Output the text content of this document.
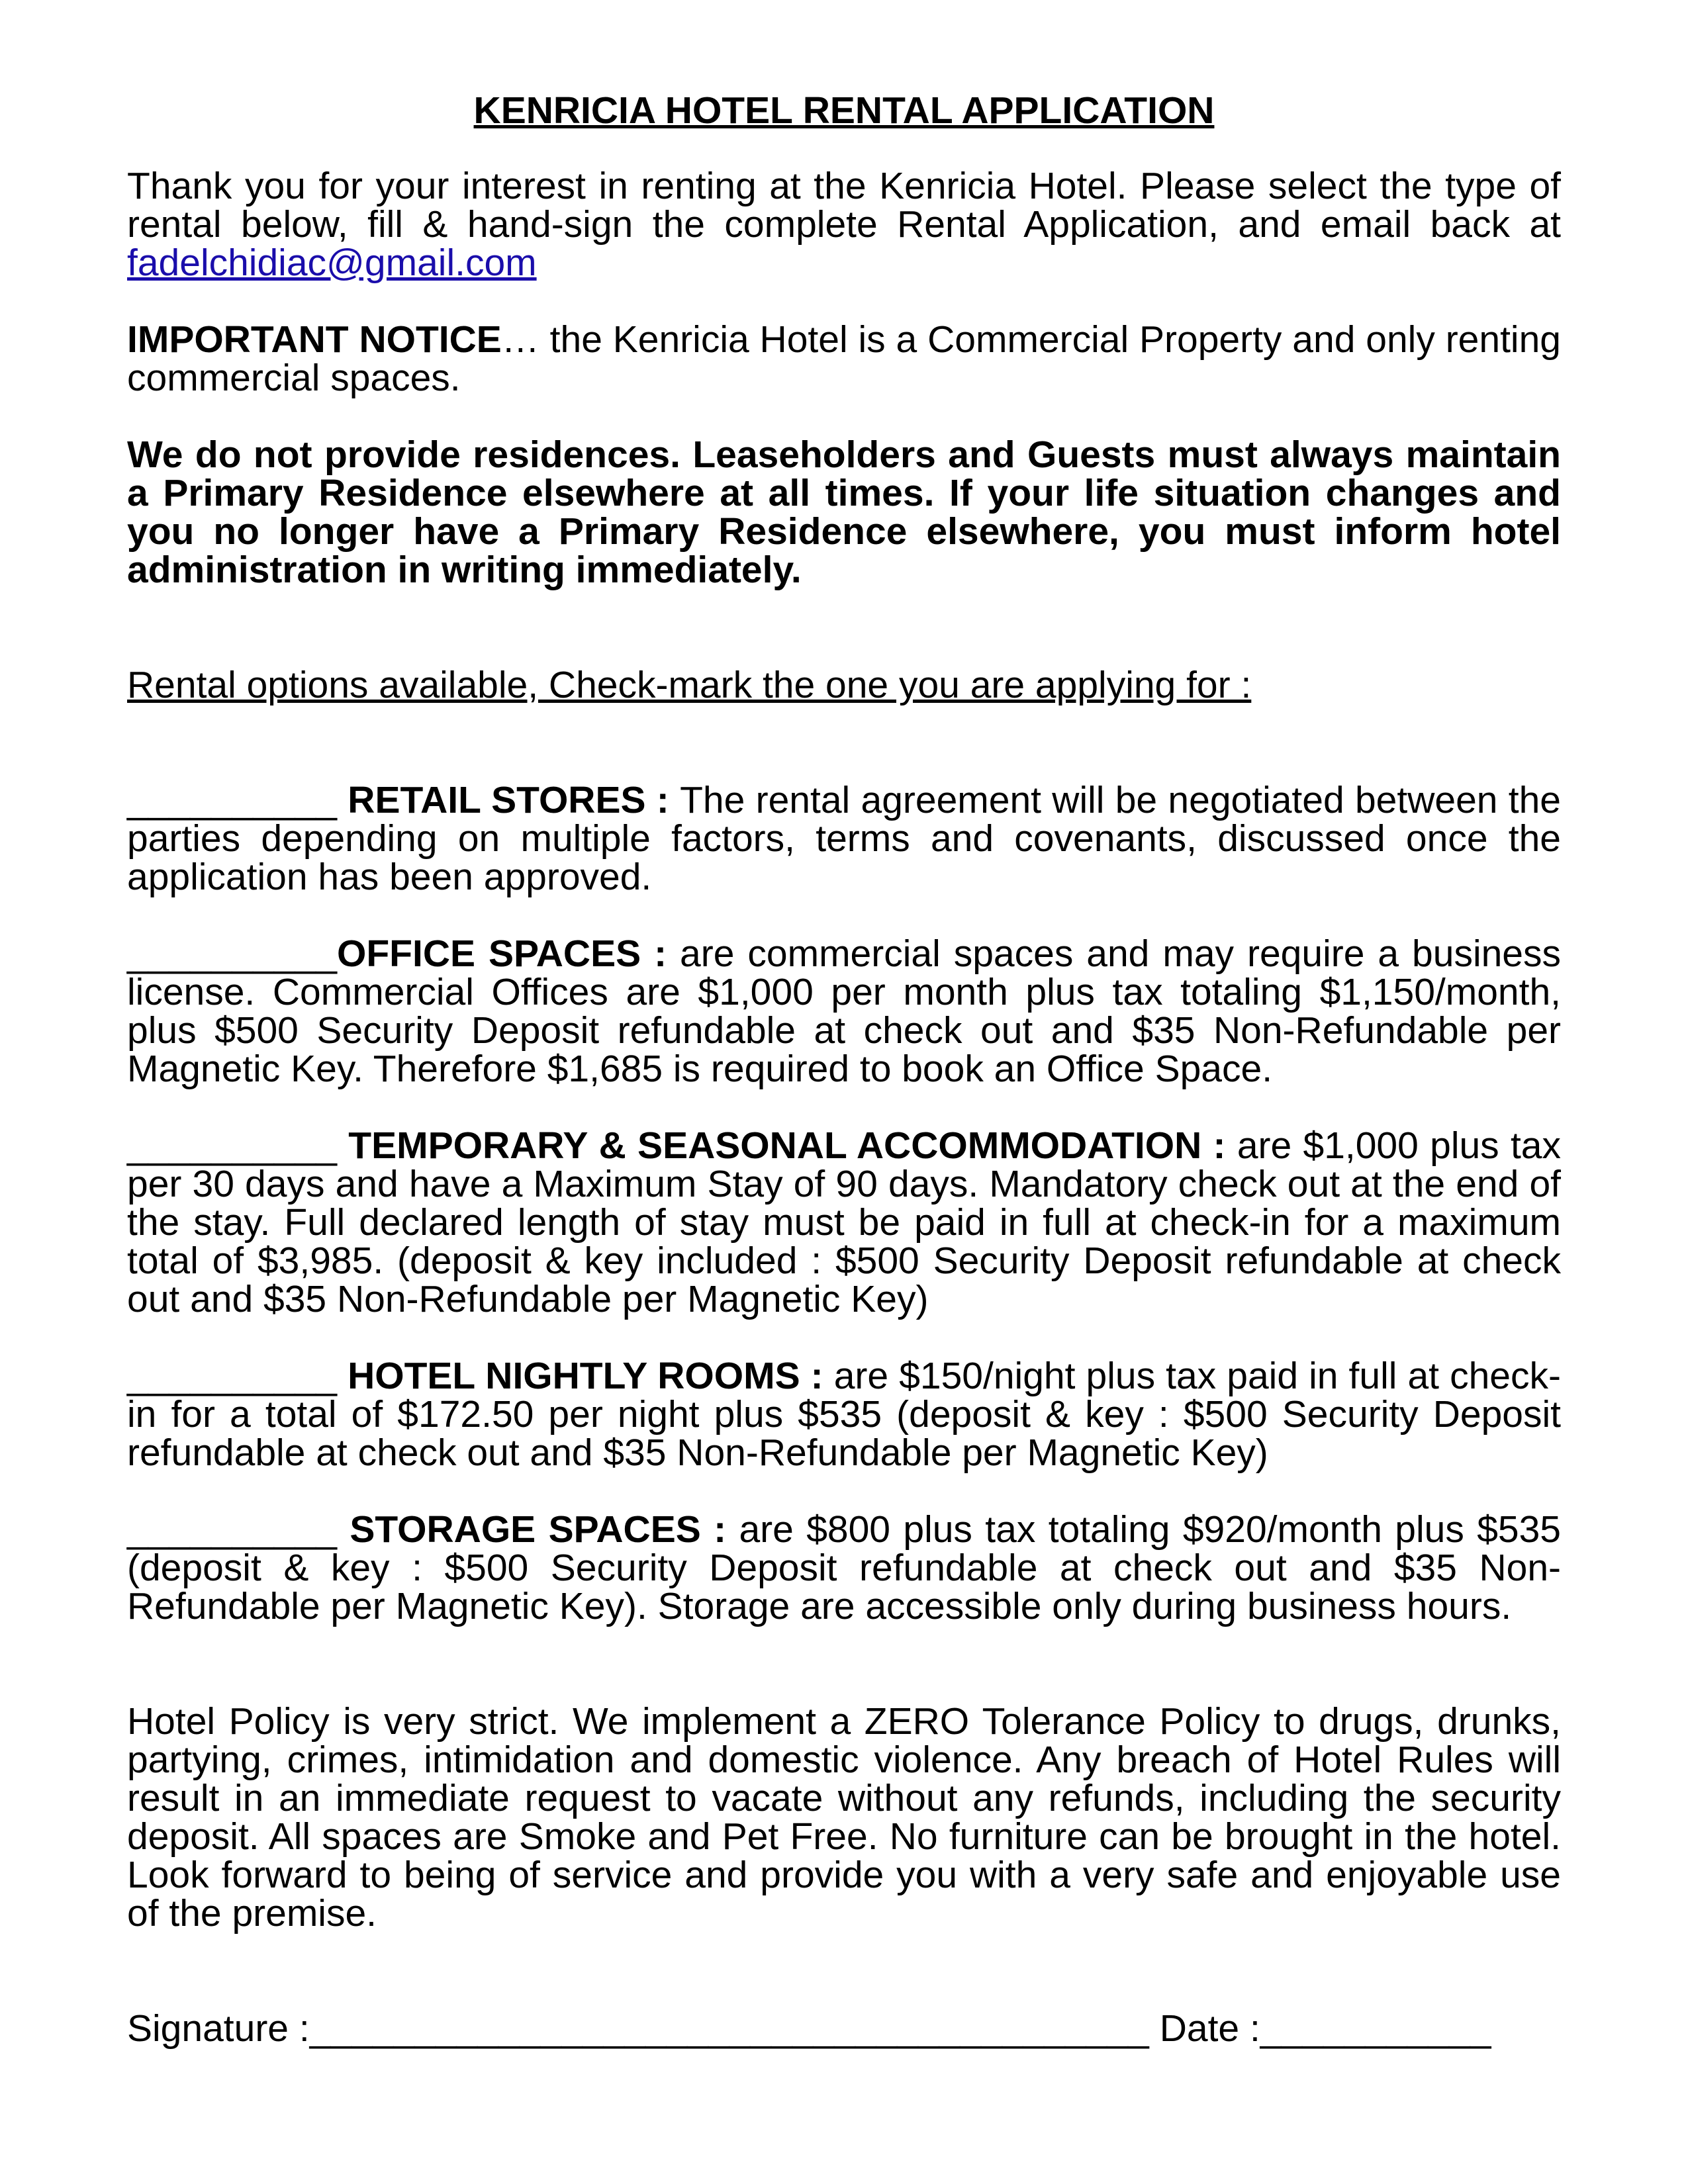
KENRICIA HOTEL RENTAL APPLICATION

Thank you for your interest in renting at the Kenricia Hotel. Please select the type of rental below, fill & hand-sign the complete Rental Application, and email back at fadelchidiac@gmail.com

IMPORTANT NOTICE… the Kenricia Hotel is a Commercial Property and only renting commercial spaces.

We do not provide residences. Leaseholders and Guests must always maintain a Primary Residence elsewhere at all times. If your life situation changes and you no longer have a Primary Residence elsewhere, you must inform hotel administration in writing immediately.

Rental options available, Check-mark the one you are applying for :

__________ RETAIL STORES : The rental agreement will be negotiated between the parties depending on multiple factors, terms and covenants, discussed once the application has been approved.

__________OFFICE SPACES : are commercial spaces and may require a business license. Commercial Offices are $1,000 per month plus tax totaling $1,150/month, plus $500 Security Deposit refundable at check out and $35 Non-Refundable per Magnetic Key. Therefore $1,685 is required to book an Office Space.

__________ TEMPORARY & SEASONAL ACCOMMODATION : are $1,000 plus tax per 30 days and have a Maximum Stay of 90 days. Mandatory check out at the end of the stay. Full declared length of stay must be paid in full at check-in for a maximum total of $3,985. (deposit & key included : $500 Security Deposit refundable at check out and $35 Non-Refundable per Magnetic Key)

__________ HOTEL NIGHTLY ROOMS : are $150/night plus tax paid in full at check-in for a total of $172.50 per night plus $535 (deposit & key : $500 Security Deposit refundable at check out and $35 Non-Refundable per Magnetic Key)

__________ STORAGE SPACES : are $800 plus tax totaling $920/month plus $535 (deposit & key : $500 Security Deposit refundable at check out and $35 Non-Refundable per Magnetic Key). Storage are accessible only during business hours.

Hotel Policy is very strict. We implement a ZERO Tolerance Policy to drugs, drunks, partying, crimes, intimidation and domestic violence. Any breach of Hotel Rules will result in an immediate request to vacate without any refunds, including the security deposit. All spaces are Smoke and Pet Free. No furniture can be brought in the hotel. Look forward to being of service and provide you with a very safe and enjoyable use of the premise.

Signature : ________________________________________ Date : ___________
